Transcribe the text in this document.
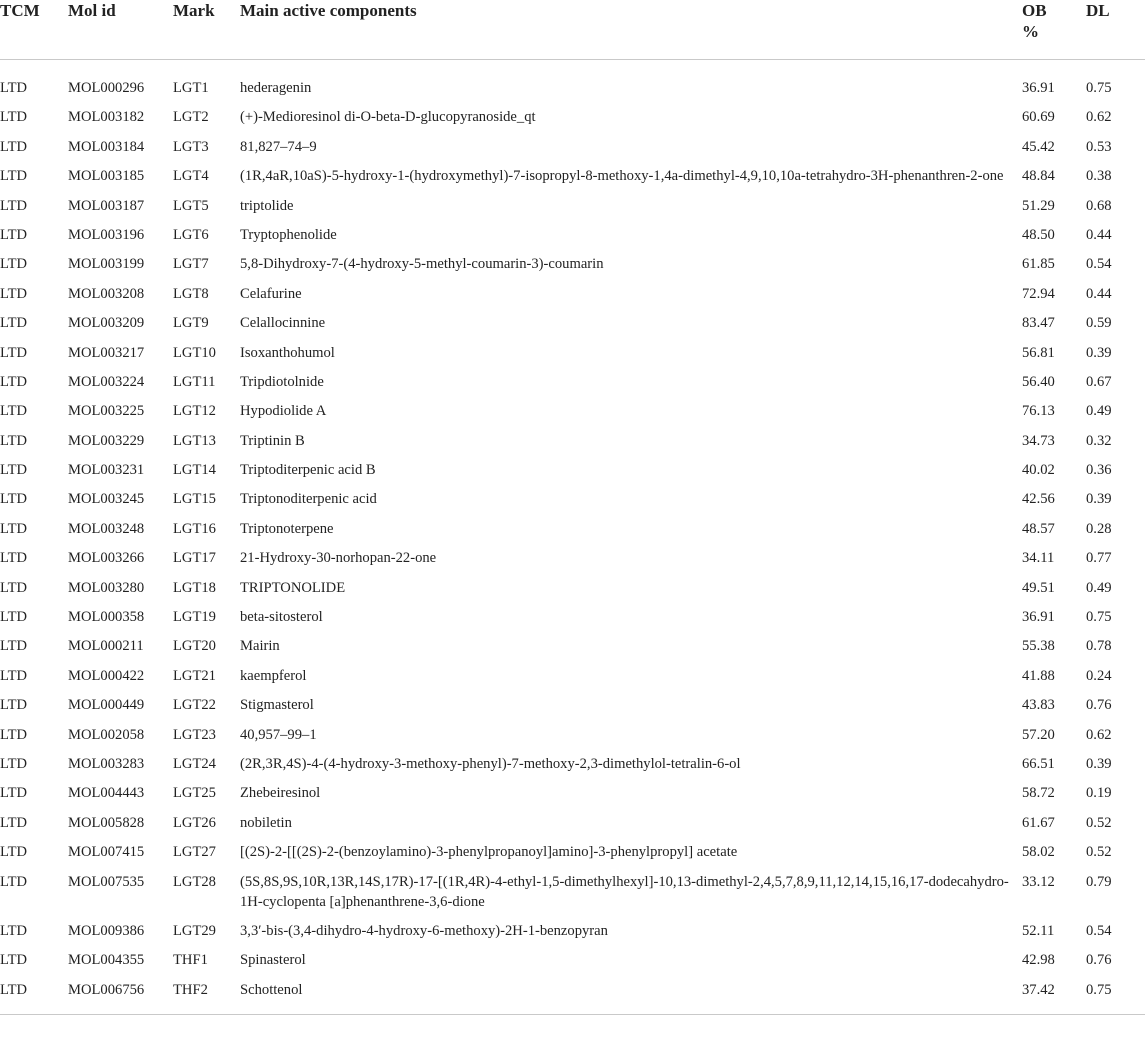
TCM	Mol id	Mark	Main active components	OB %	DL
LTD	MOL000296	LGT1	hederagenin	36.91	0.75
LTD	MOL003182	LGT2	(+)-Medioresinol di-O-beta-D-glucopyranoside_qt	60.69	0.62
LTD	MOL003184	LGT3	81,827–74–9	45.42	0.53
LTD	MOL003185	LGT4	(1R,4aR,10aS)-5-hydroxy-1-(hydroxymethyl)-7-isopropyl-8-methoxy-1,4a-dimethyl-4,9,10,10a-tetrahydro-3H-phenanthren-2-one	48.84	0.38
LTD	MOL003187	LGT5	triptolide	51.29	0.68
LTD	MOL003196	LGT6	Tryptophenolide	48.50	0.44
LTD	MOL003199	LGT7	5,8-Dihydroxy-7-(4-hydroxy-5-methyl-coumarin-3)-coumarin	61.85	0.54
LTD	MOL003208	LGT8	Celafurine	72.94	0.44
LTD	MOL003209	LGT9	Celallocinnine	83.47	0.59
LTD	MOL003217	LGT10	Isoxanthohumol	56.81	0.39
LTD	MOL003224	LGT11	Tripdiotolnide	56.40	0.67
LTD	MOL003225	LGT12	Hypodiolide A	76.13	0.49
LTD	MOL003229	LGT13	Triptinin B	34.73	0.32
LTD	MOL003231	LGT14	Triptoditerpenic acid B	40.02	0.36
LTD	MOL003245	LGT15	Triptonoditerpenic acid	42.56	0.39
LTD	MOL003248	LGT16	Triptonoterpene	48.57	0.28
LTD	MOL003266	LGT17	21-Hydroxy-30-norhopan-22-one	34.11	0.77
LTD	MOL003280	LGT18	TRIPTONOLIDE	49.51	0.49
LTD	MOL000358	LGT19	beta-sitosterol	36.91	0.75
LTD	MOL000211	LGT20	Mairin	55.38	0.78
LTD	MOL000422	LGT21	kaempferol	41.88	0.24
LTD	MOL000449	LGT22	Stigmasterol	43.83	0.76
LTD	MOL002058	LGT23	40,957–99–1	57.20	0.62
LTD	MOL003283	LGT24	(2R,3R,4S)-4-(4-hydroxy-3-methoxy-phenyl)-7-methoxy-2,3-dimethylol-tetralin-6-ol	66.51	0.39
LTD	MOL004443	LGT25	Zhebeiresinol	58.72	0.19
LTD	MOL005828	LGT26	nobiletin	61.67	0.52
LTD	MOL007415	LGT27	[(2S)-2-[[(2S)-2-(benzoylamino)-3-phenylpropanoyl]amino]-3-phenylpropyl] acetate	58.02	0.52
LTD	MOL007535	LGT28	(5S,8S,9S,10R,13R,14S,17R)-17-[(1R,4R)-4-ethyl-1,5-dimethylhexyl]-10,13-dimethyl-2,4,5,7,8,9,11,12,14,15,16,17-dodecahydro-1H-cyclopenta [a]phenanthrene-3,6-dione	33.12	0.79
LTD	MOL009386	LGT29	3,3′-bis-(3,4-dihydro-4-hydroxy-6-methoxy)-2H-1-benzopyran	52.11	0.54
LTD	MOL004355	THF1	Spinasterol	42.98	0.76
LTD	MOL006756	THF2	Schottenol	37.42	0.75
